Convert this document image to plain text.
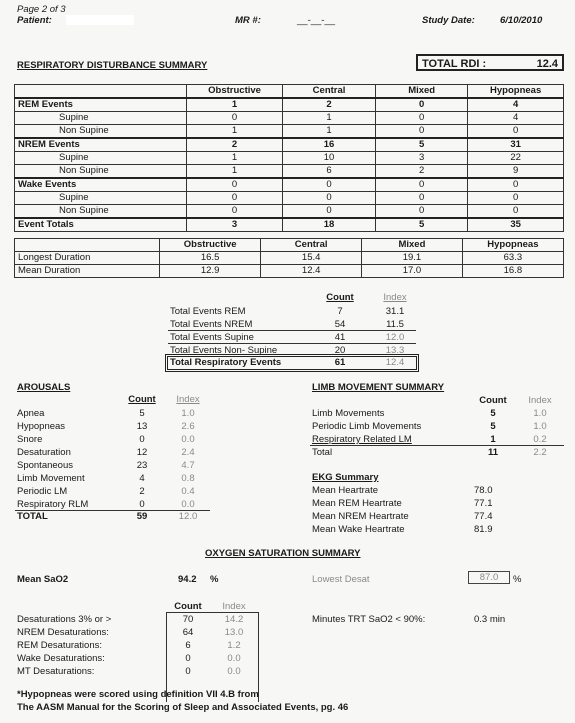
Page 2 of 3
Patient:	MR #:	__-__-__	Study Date:	6/10/2010
RESPIRATORY DISTURBANCE SUMMARY	TOTAL RDI :	12.4
	Obstructive	Central	Mixed	Hypopneas
REM Events	1	2	0	4
Supine	0	1	0	4
Non Supine	1	1	0	0
NREM Events	2	16	5	31
Supine	1	10	3	22
Non Supine	1	6	2	9
Wake Events	0	0	0	0
Supine	0	0	0	0
Non Supine	0	0	0	0
Event Totals	3	18	5	35
	Obstructive	Central	Mixed	Hypopneas
Longest Duration	16.5	15.4	19.1	63.3
Mean Duration	12.9	12.4	17.0	16.8
Count	Index
Total Events REM	7	31.1
Total Events NREM	54	11.5
Total Events Supine	41	12.0
Total Events Non- Supine	20	13.3
Total Respiratory Events	61	12.4
AROUSALS
Count	Index
Apnea	5	1.0
Hypopneas	13	2.6
Snore	0	0.0
Desaturation	12	2.4
Spontaneous	23	4.7
Limb Movement	4	0.8
Periodic LM	2	0.4
Respiratory RLM	0	0.0
TOTAL	59	12.0
LIMB MOVEMENT SUMMARY
Count	Index
Limb Movements	5	1.0
Periodic Limb Movements	5	1.0
Respiratory Related LM	1	0.2
Total	11	2.2
EKG Summary
Mean Heartrate	78.0
Mean REM Heartrate	77.1
Mean NREM Heartrate	77.4
Mean Wake Heartrate	81.9
OXYGEN SATURATION SUMMARY
Mean SaO2	94.2 %	Lowest Desat	87.0	%
Count	Index
Desaturations 3% or >	70	14.2
NREM Desaturations:	64	13.0
REM Desaturations:	6	1.2
Wake Desaturations:	0	0.0
MT Desaturations:	0	0.0
Minutes TRT SaO2 < 90%:	0.3 min
*Hypopneas were scored using definition VII 4.B from
The AASM Manual for the Scoring of Sleep and Associated Events, pg. 46
